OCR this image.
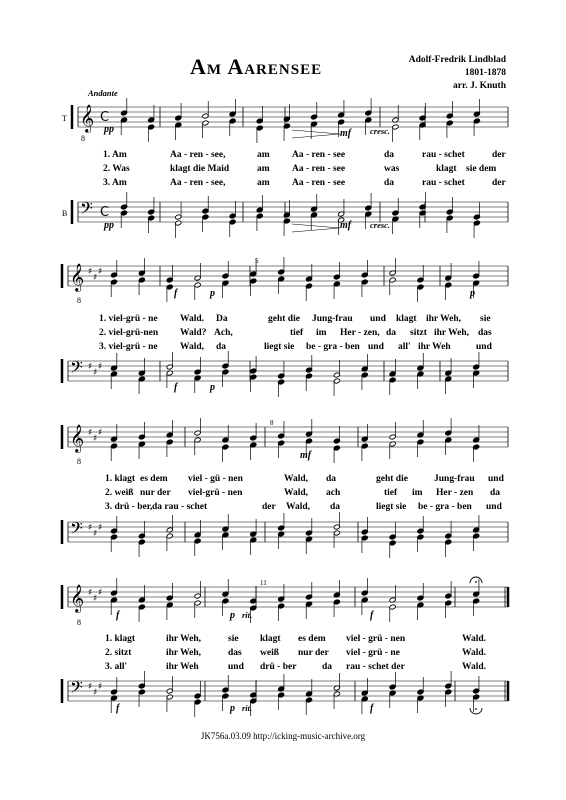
Am Aarensee	Adolf-Fredrik Lindblad
1801-1878
arr. J. Knuth
Andante
T
B
𝄞
𝄢
C
C
𝄞
𝄢
♯
♯
♯
♯
♯
♯
𝄞
𝄢
♯
♯
♯
♯
♯
♯
𝄞
𝄢
♯
♯
♯
♯
♯
♯
8
8
8
8
5
8
11
pp	mf cresc.
pp	mf cresc.
f	p	p
f	p
mf
f	p rit.	f
f	p rit.	f
1. Am	Aa - ren - see,	am Aa - ren - see	da	rau - schet	der
2. Was	klagt die Maid	am Aa - ren - see	was	klagt sie dem
3. Am	Aa - ren - see,	am Aa - ren - see	da	rau - schet	der
1. viel-grü - ne Wald. Da	geht die Jung-frau und klagt ihr Weh, sie
2. viel-grü-nen Wald? Ach,	tief im Her - zen, da sitzt ihr Weh, das
3. viel-grü - ne Wald, da	liegt sie be - gra - ben und all' ihr Weh	und
1. klagt es dem viel - gü - nen	Wald, da	geht die	Jung-frau und
2. weiß nur der viel-grü - nen	Wald, ach	tief im Her - zen da
3. drü - ber, da rau - schet	der Wald, da	liegt sie be - gra - ben und
1. klagt	ihr Weh,	sie klagt es dem viel - grü - nen	Wald.
2. sitzt	ihr Weh,	das weiß nur der viel - grü - ne	Wald.
3. all'	ihr Weh	und drü - ber	da rau - schet der	Wald.
JK756a.03.09 http://icking-music-archive.org
